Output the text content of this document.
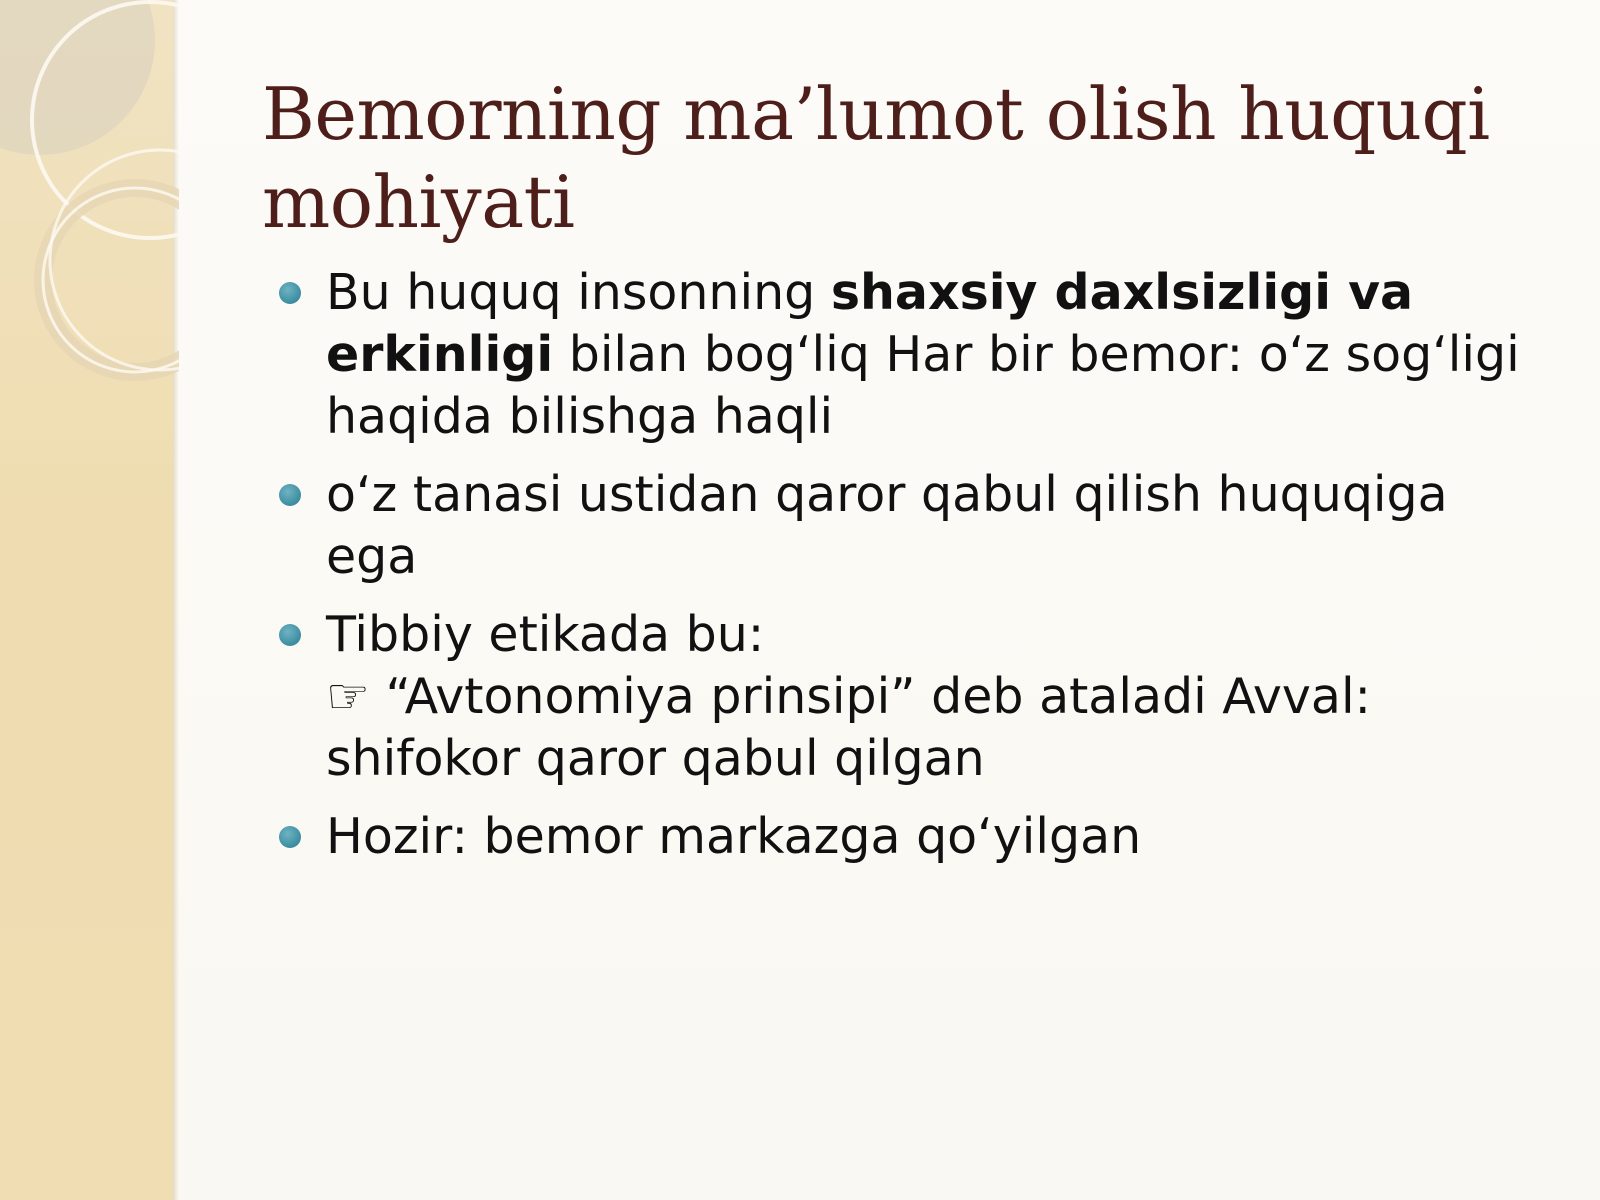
Bemorning ma’lumot olish huquqi mohiyati
Bu huquq insonning shaxsiy daxlsizligi va erkinligi bilan bog‘liq Har bir bemor: o‘z sog‘ligi haqida bilishga haqli
o‘z tanasi ustidan qaror qabul qilish huquqiga ega
Tibbiy etikada bu:
☞ “Avtonomiya prinsipi” deb ataladi Avval: shifokor qaror qabul qilgan
Hozir: bemor markazga qo‘yilgan
